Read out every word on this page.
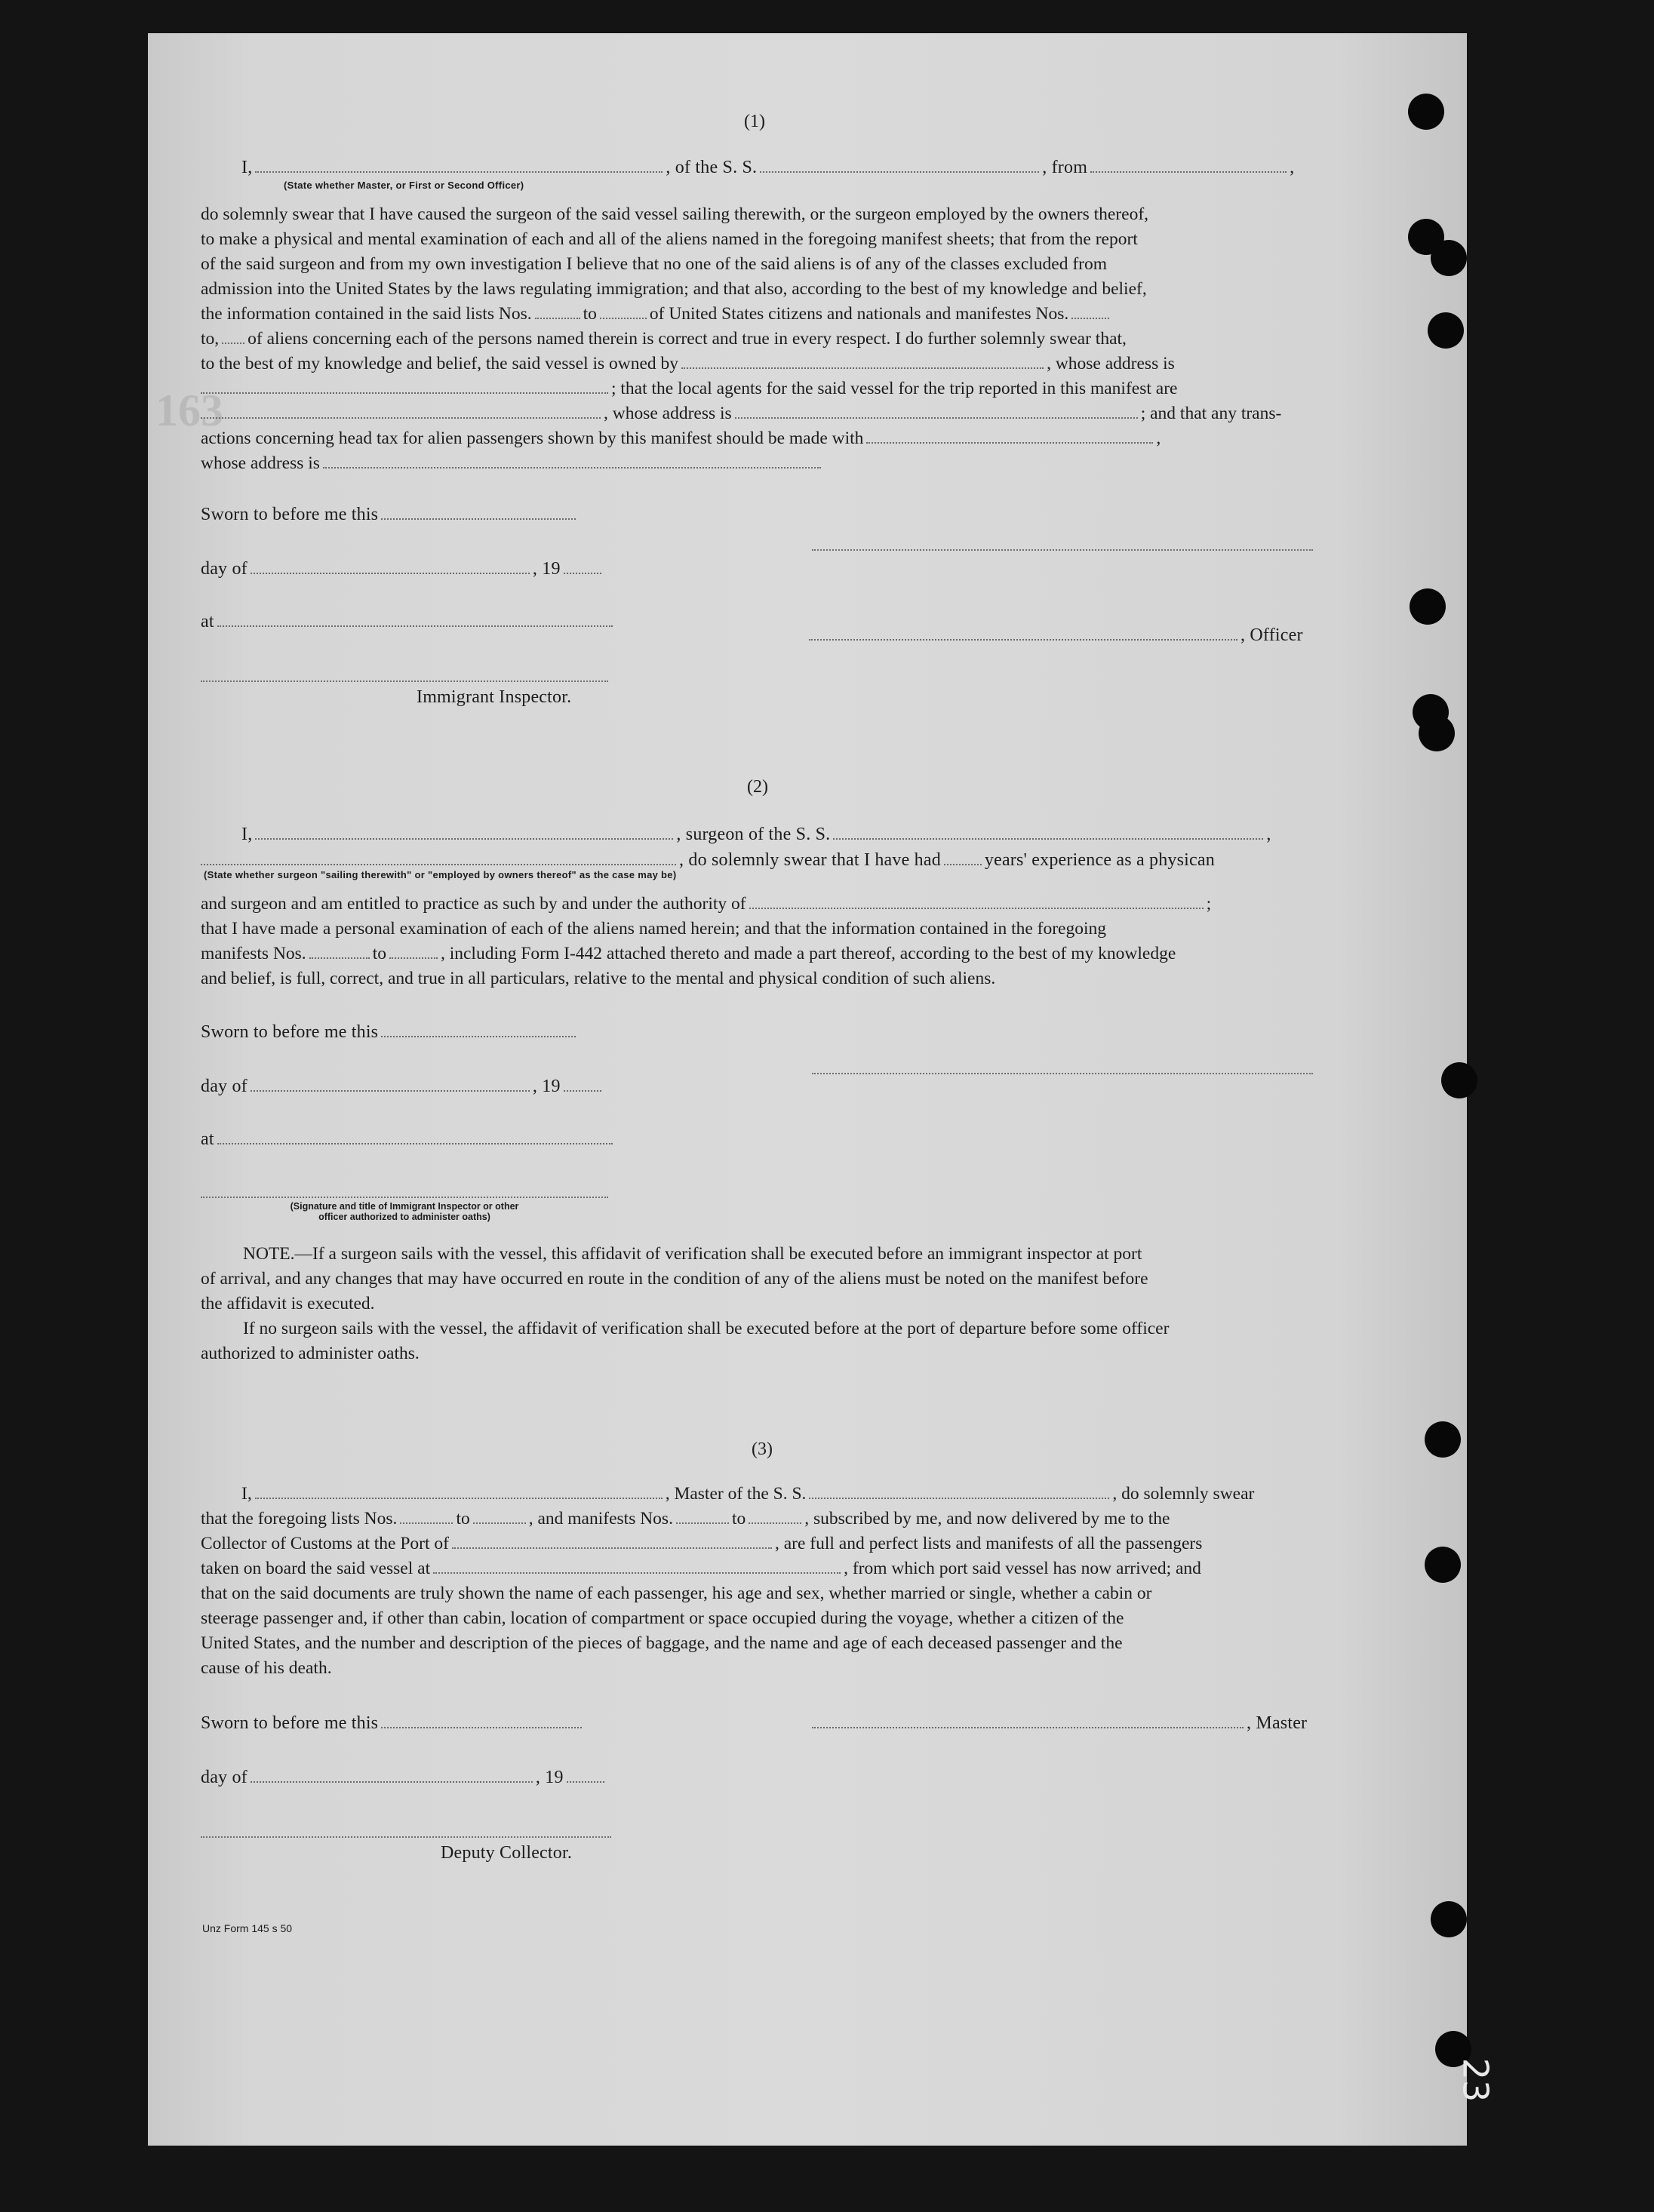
163
(1)
I,	, of the S. S.	, from	,
(State whether Master, or First or Second Officer)
do solemnly swear that I have caused the surgeon of the said vessel sailing therewith, or the surgeon employed by the owners thereof,
to make a physical and mental examination of each and all of the aliens named in the foregoing manifest sheets; that from the report
of the said surgeon and from my own investigation I believe that no one of the said aliens is of any of the classes excluded from
admission into the United States by the laws regulating immigration; and that also, according to the best of my knowledge and belief,
the information contained in the said lists Nos.	to	of United States citizens and nationals and manifestes Nos.
to, of aliens concerning each of the persons named therein is correct and true in every respect. I do further solemnly swear that,
to the best of my knowledge and belief, the said vessel is owned by	, whose address is
; that the local agents for the said vessel for the trip reported in this manifest are
, whose address is	; and that any trans-
actions concerning head tax for alien passengers shown by this manifest should be made with	,
whose address is
Sworn to before me this
day of	, 19
at
, Officer
Immigrant Inspector.
(2)
I,	, surgeon of the S. S.	,
, do solemnly swear that I have had years' experience as a physican
(State whether surgeon "sailing therewith" or "employed by owners thereof" as the case may be)
and surgeon and am entitled to practice as such by and under the authority of	;
that I have made a personal examination of each of the aliens named herein; and that the information contained in the foregoing
manifests Nos.	to	, including Form I-442 attached thereto and made a part thereof, according to the best of my knowledge
and belief, is full, correct, and true in all particulars, relative to the mental and physical condition of such aliens.
Sworn to before me this
day of	, 19
at
(Signature and title of Immigrant Inspector or other
officer authorized to administer oaths)
NOTE.—If a surgeon sails with the vessel, this affidavit of verification shall be executed before an immigrant inspector at port
of arrival, and any changes that may have occurred en route in the condition of any of the aliens must be noted on the manifest before
the affidavit is executed.
If no surgeon sails with the vessel, the affidavit of verification shall be executed before at the port of departure before some officer
authorized to administer oaths.
(3)
I,	, Master of the S. S.	, do solemnly swear
that the foregoing lists Nos.	to	, and manifests Nos.	to	, subscribed by me, and now delivered by me to the
Collector of Customs at the Port of	, are full and perfect lists and manifests of all the passengers
taken on board the said vessel at	, from which port said vessel has now arrived; and
that on the said documents are truly shown the name of each passenger, his age and sex, whether married or single, whether a cabin or
steerage passenger and, if other than cabin, location of compartment or space occupied during the voyage, whether a citizen of the
United States, and the number and description of the pieces of baggage, and the name and age of each deceased passenger and the
cause of his death.
Sworn to before me this	, Master
day of	, 19
Deputy Collector.
Unz Form 145 s 50
23
